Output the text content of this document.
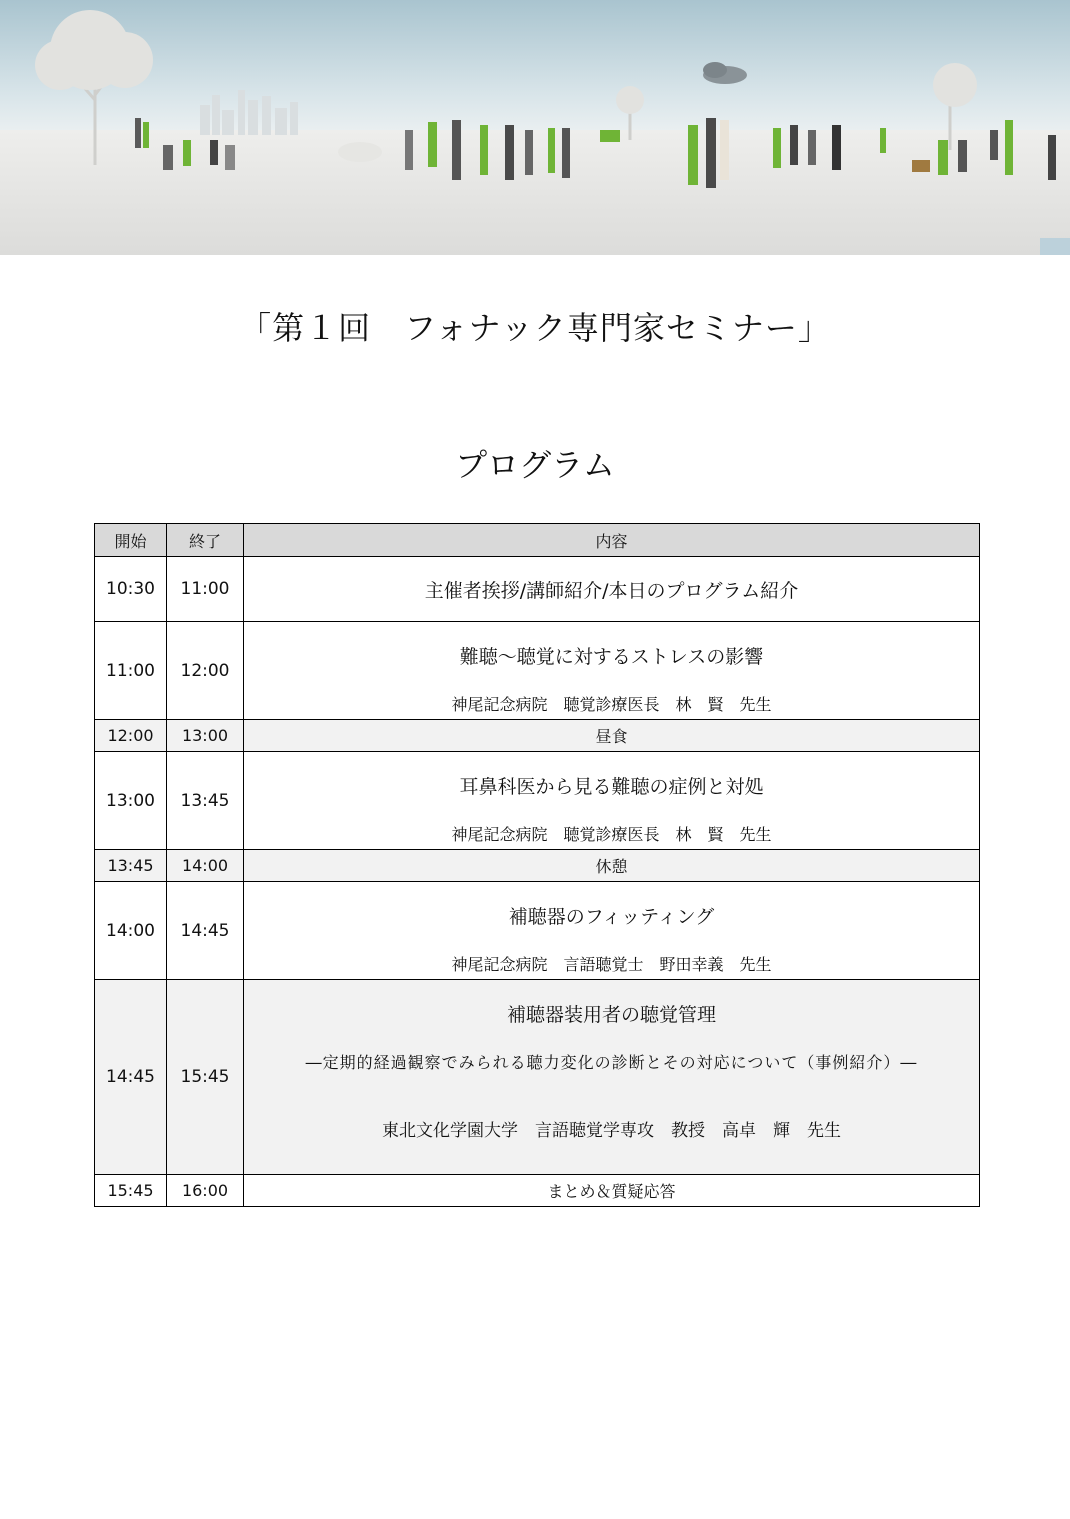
「第１回　フォナック専門家セミナー」
プログラム
開始	終了	内容
10:30	11:00	主催者挨拶/講師紹介/本日のプログラム紹介
11:00	12:00	難聴～聴覚に対するストレスの影響
神尾記念病院　聴覚診療医長　林　賢　先生

12:00	13:00	昼食
13:00	13:45	耳鼻科医から見る難聴の症例と対処
神尾記念病院　聴覚診療医長　林　賢　先生

13:45	14:00	休憩
14:00	14:45	補聴器のフィッティング
神尾記念病院　言語聴覚士　野田幸義　先生

14:45	15:45	補聴器装用者の聴覚管理
―定期的経過観察でみられる聴力変化の診断とその対応について（事例紹介）―
東北文化学園大学　言語聴覚学専攻　教授　高卓　輝　先生

15:45	16:00	まとめ＆質疑応答
